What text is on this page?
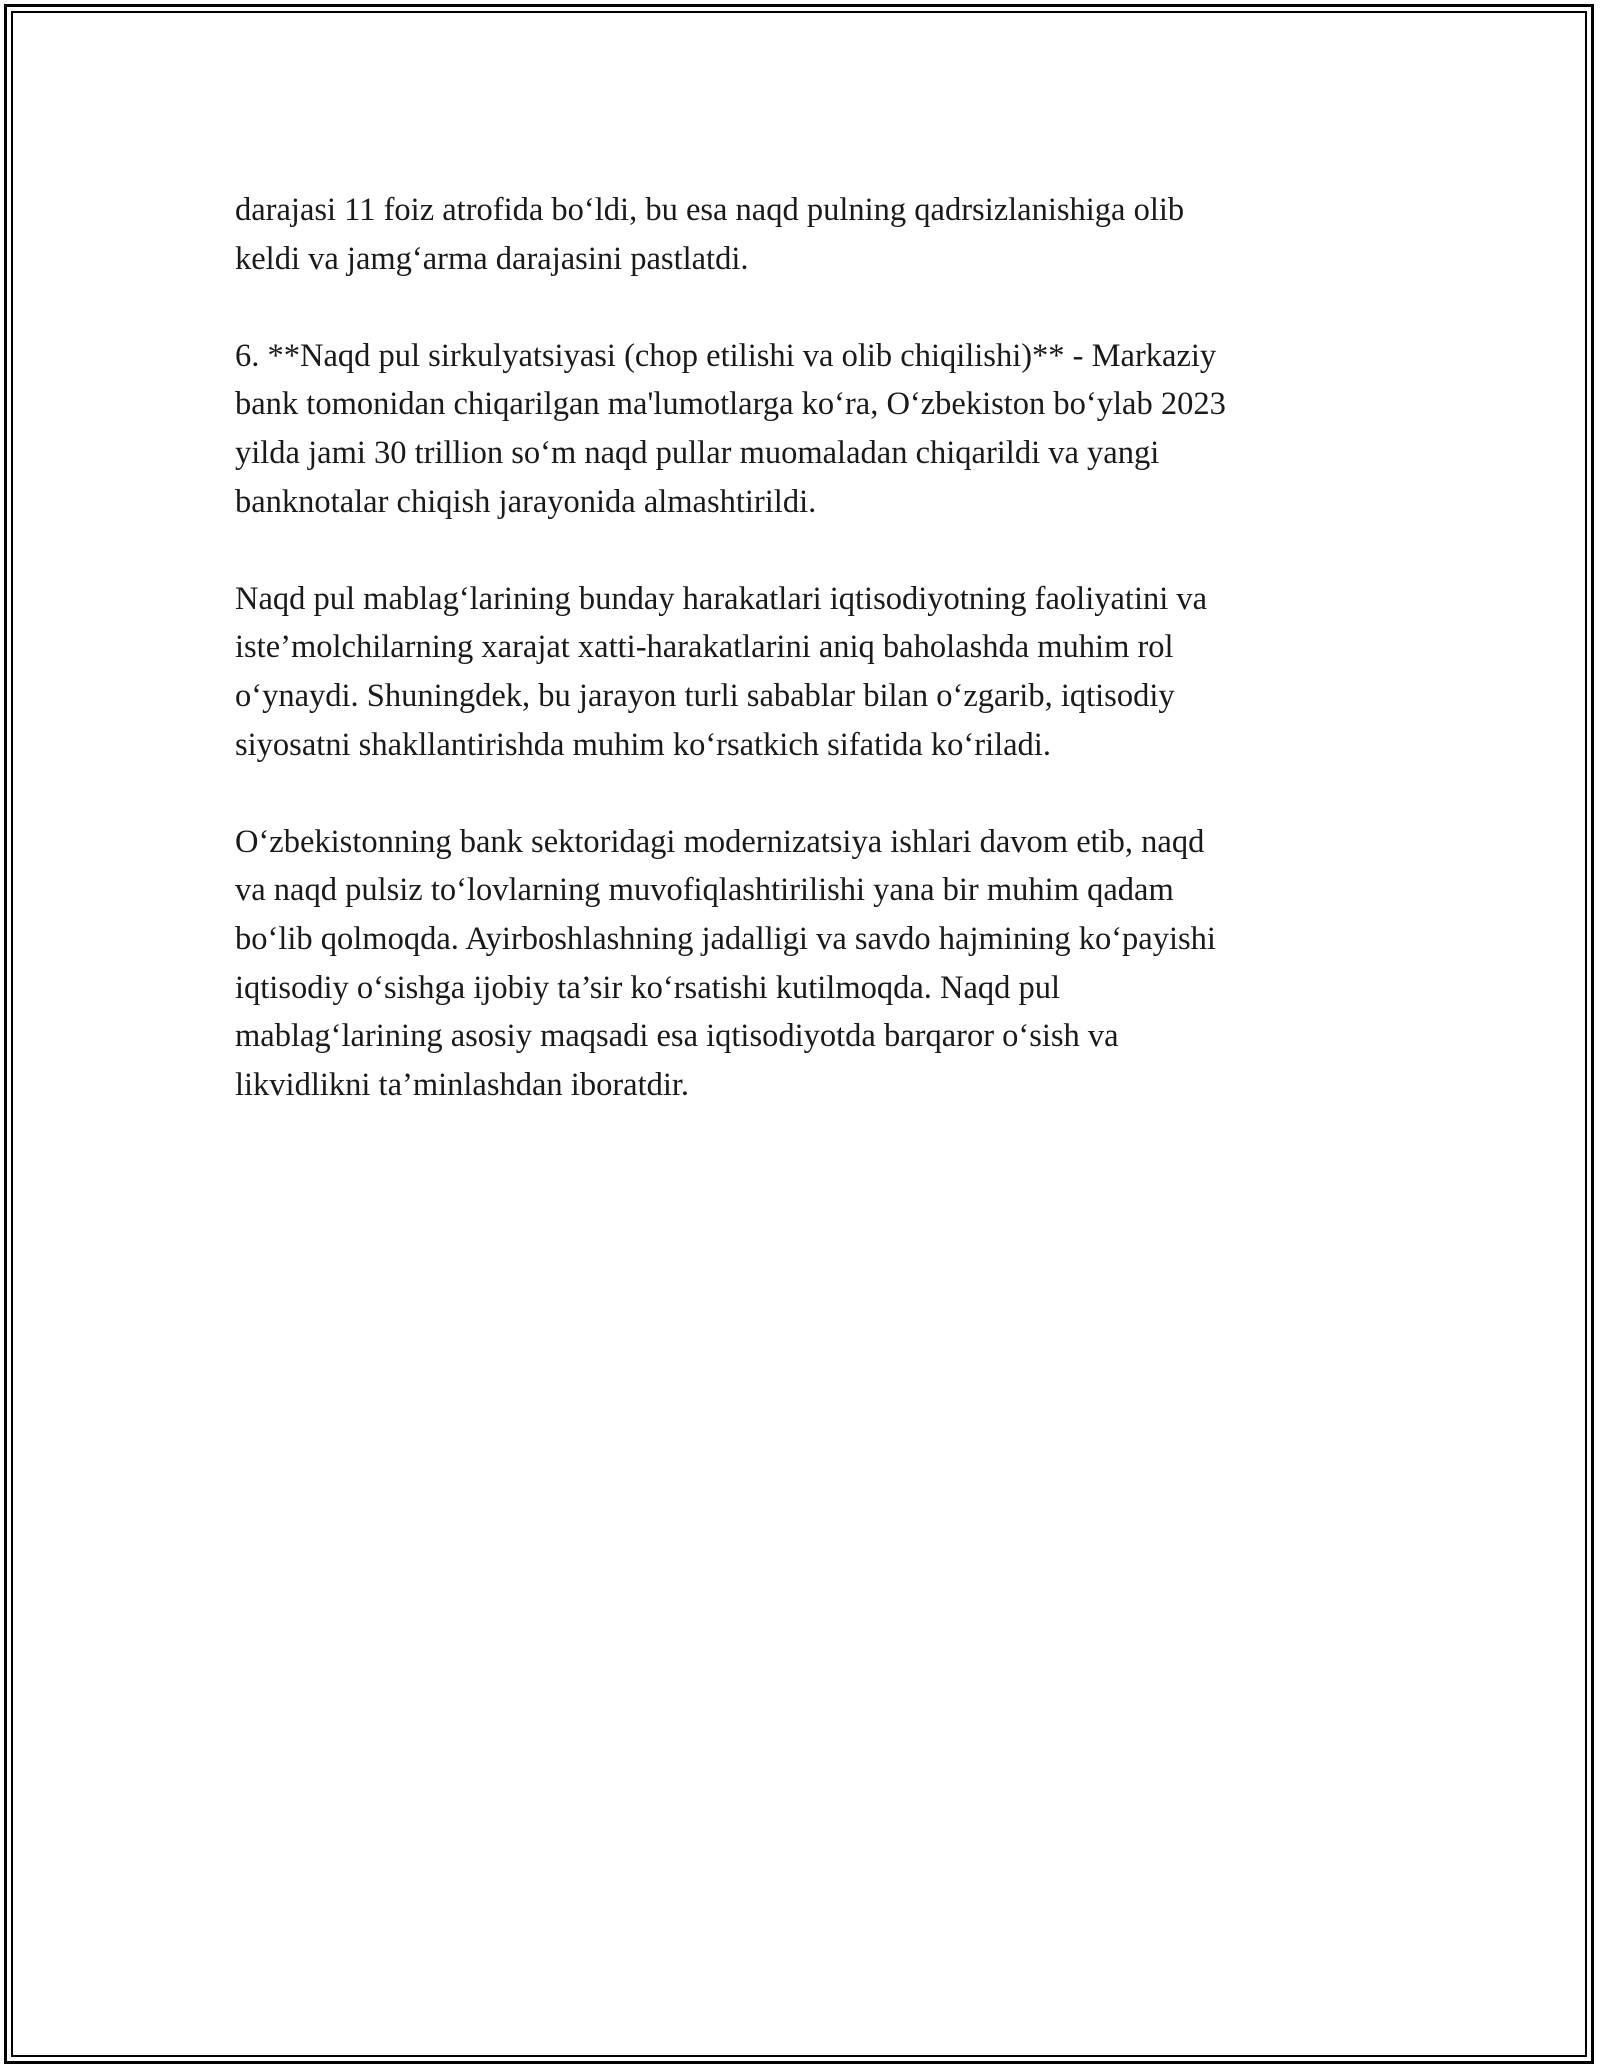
darajasi 11 foiz atrofida bo‘ldi, bu esa naqd pulning qadrsizlanishiga olib
keldi va jamg‘arma darajasini pastlatdi.

6. **Naqd pul sirkulyatsiyasi (chop etilishi va olib chiqilishi)** - Markaziy
bank tomonidan chiqarilgan ma'lumotlarga ko‘ra, O‘zbekiston bo‘ylab 2023
yilda jami 30 trillion so‘m naqd pullar muomaladan chiqarildi va yangi
banknotalar chiqish jarayonida almashtirildi.

Naqd pul mablag‘larining bunday harakatlari iqtisodiyotning faoliyatini va
iste’molchilarning xarajat xatti-harakatlarini aniq baholashda muhim rol
o‘ynaydi. Shuningdek, bu jarayon turli sabablar bilan o‘zgarib, iqtisodiy
siyosatni shakllantirishda muhim ko‘rsatkich sifatida ko‘riladi.

O‘zbekistonning bank sektoridagi modernizatsiya ishlari davom etib, naqd
va naqd pulsiz to‘lovlarning muvofiqlashtirilishi yana bir muhim qadam
bo‘lib qolmoqda. Ayirboshlashning jadalligi va savdo hajmining ko‘payishi
iqtisodiy o‘sishga ijobiy ta’sir ko‘rsatishi kutilmoqda. Naqd pul
mablag‘larining asosiy maqsadi esa iqtisodiyotda barqaror o‘sish va
likvidlikni ta’minlashdan iboratdir.
